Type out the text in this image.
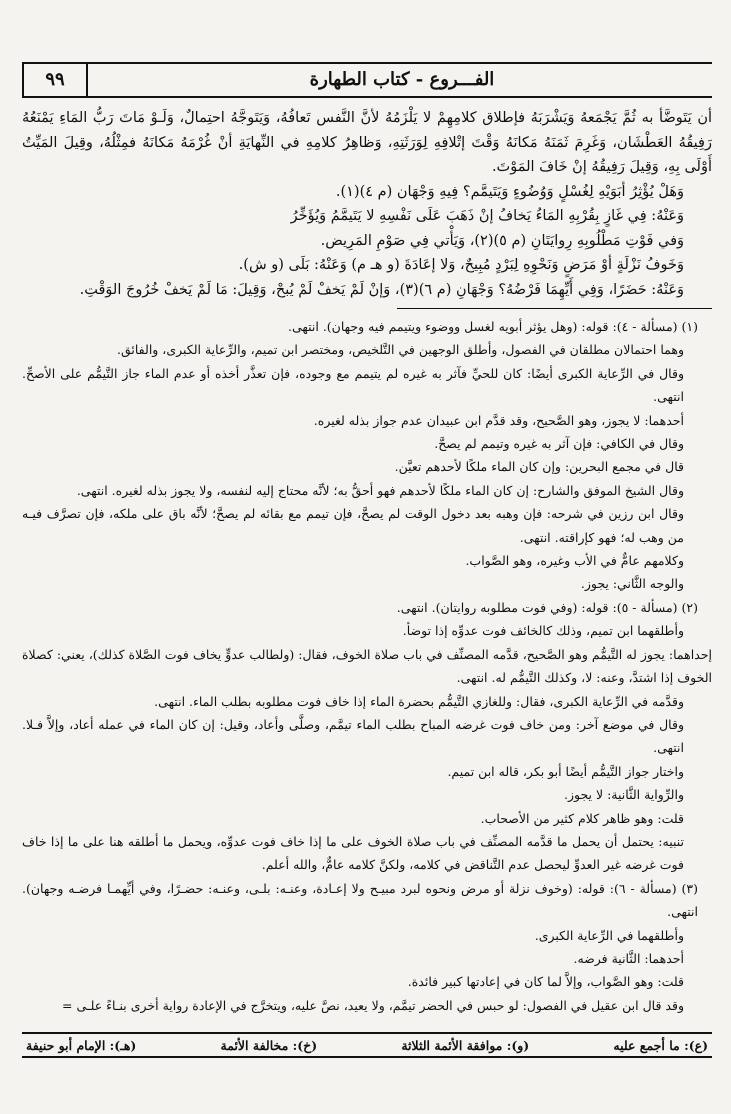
الفـــروع - كتاب الطهارة
٩٩

أن يَتَوضَّأ به ثُمَّ يَجْمَعهُ وَيَشْرَبَهُ فإطلاق كلامِهِمْ لا يَلْزَمُهُ لأنَّ النَّفس تَعافُهُ، وَيَتَوجَّهُ احتِمالٌ، وَلَـوْ مَاتَ رَبُّ المَاءِ يَمْنَعُهُ رَفِيقُهُ العَطْشَان، وَغَرِمَ ثَمَنَهُ مَكانَهُ وَقْتَ إتْلافِهِ لِوَرَثَتِهِ، وَظاهِرُ كلامِهِ في النِّهايَةِ أنْ غُرْمَهُ مَكانَهُ فمِثْلُهُ، وقِيلَ المَيِّتُ أَوْلَى بِهِ، وَقِيلَ رَفِيقُهُ إنْ خَافَ المَوْتَ.

وَهَلْ يُؤْثِرُ أبَوَيْهِ لِغُسْلٍ وَوُضُوءٍ وَيَتَيمَّم؟ فِيهِ وَجْهَان (م ٤)(١).

وَعَنْهُ: فِي غَازٍ بِقُرْبِهِ المَاءُ يَخافُ إنْ ذَهَبَ عَلَى نَفْسِهِ لا يَتَيمَّمُ وَيُؤَخِّرُ

وَفي فَوْتِ مَطْلُوبِهِ رِوايَتَانِ (م ٥)(٢)، وَيَأْتي فِي صَوْمِ المَرِيض.

وَخَوفُ نَزْلَةٍ أوْ مَرَضٍ وَنَحْوِهِ لِبَرْدٍ مُبِيحٌ، وَلا إعَادَةَ (و هـ م) وَعَنْهُ: بَلَى (و ش).

وَعَنْهُ: حَضَرًا، وَفِي أَيِّهِمَا فَرْضُهُ؟ وَجْهَانِ (م ٦)(٣)، وَإنْ لَمْ يَخفْ لَمْ يُبحْ، وَقِيلَ: مَا لَمْ يَخفْ خُرُوجَ الوَقْتِ.

(١) (مسألة - ٤): قوله: (وهل يؤثر أبويه لغسل ووضوء ويتيمم فيه وجهان). انتهى.

وهما احتمالان مطلقان في الفصول، وأطلق الوجهين في التَّلخيص، ومختصر ابن تميم، والرِّعاية الكبرى، والفائق.

وقال في الرِّعاية الكبرى أيضًا: كان للحيِّ فآثر به غيره لم يتيمم مع وجوده، فإن تعذَّر أخذه أو عدم الماء جاز التَّيمُّم على الأصحِّ. انتهى.

أحدهما: لا يجوز، وهو الصَّحيح، وقد قدَّم ابن عبيدان عدم جواز بذله لغيره.

وقال في الكافي: فإن آثر به غيره وتيمم لم يصحَّ.

قال في مجمع البحرين: وإن كان الماء ملكًا لأحدهم تعيَّن.

وقال الشيخ الموفق والشارح: إن كان الماء ملكًا لأحدهم فهو أحقُّ به؛ لأنَّه محتاج إليه لنفسه، ولا يجوز بذله لغيره. انتهى.

وقال ابن رزين في شرحه: فإن وهبه بعد دخول الوقت لم يصحَّ، فإن تيمم مع بقائه لم يصحَّ؛ لأنَّه باق على ملكه، فإن تصرَّف فيـه من وهب له؛ فهو كإراقته. انتهى.

وكلامهم عامٌّ في الأب وغيره، وهو الصَّواب.

والوجه الثَّاني: يجوز.

(٢) (مسألة - ٥): قوله: (وفي فوت مطلوبه روايتان). انتهى.

وأطلقهما ابن تميم، وذلك كالخائف فوت عدوِّه إذا توضأ.

إحداهما: يجوز له التَّيمُّم وهو الصَّحيح، قدَّمه المصنِّف في باب صلاة الخوف، فقال: (ولطالب عدوٍّ يخاف فوت الصَّلاة كذلك)، يعني: كصلاة الخوف إذا اشتدَّ، وعنه: لا، وكذلك التَّيمُّم له. انتهى.

وقدَّمه في الرِّعاية الكبرى، فقال: وللغازي التَّيمُّم بحضرة الماء إذا خاف فوت مطلوبه بطلب الماء. انتهى.

وقال في موضع آخر: ومن خاف فوت غرضه المباح بطلب الماء تيمَّم، وصلَّى وأعاد، وقيل: إن كان الماء في عمله أعاد، وإلاَّ فـلا. انتهى.

واختار جواز التَّيمُّم أيضًا أبو بكر، قاله ابن تميم.

والرِّواية الثَّانية: لا يجوز.

قلت: وهو ظاهر كلام كثير من الأصحاب.

تنبيه: يحتمل أن يحمل ما قدَّمه المصنِّف في باب صلاة الخوف على ما إذا خاف فوت عدوِّه، ويحمل ما أطلقه هنا على ما إذا خاف فوت غرضه غير العدوِّ ليحصل عدم التَّناقض في كلامه، ولكنَّ كلامه عامٌّ، والله أعلم.

(٣) (مسألة - ٦): قوله: (وخوف نزلة أو مرض ونحوه لبرد مبيـح ولا إعـادة، وعنـه: بلـى، وعنـه: حضـرًا، وفي أيِّهمـا فرضـه وجهان). انتهى.

وأطلقهما في الرِّعاية الكبرى.

أحدهما: الثَّانية فرضه.

قلت: وهو الصَّواب، وإلاَّ لما كان في إعادتها كبير فائدة.

وقد قال ابن عقيل في الفصول: لو حبس في الحضر تيمَّم، ولا يعيد، نصَّ عليه، ويتخرَّج في الإعادة رواية أخرى بنـاءً علـى =

(ع): ما أجمع عليه
(و): موافقة الأئمة الثلاثة
(خ): مخالفة الأئمة
(هـ): الإمام أبو حنيفة
